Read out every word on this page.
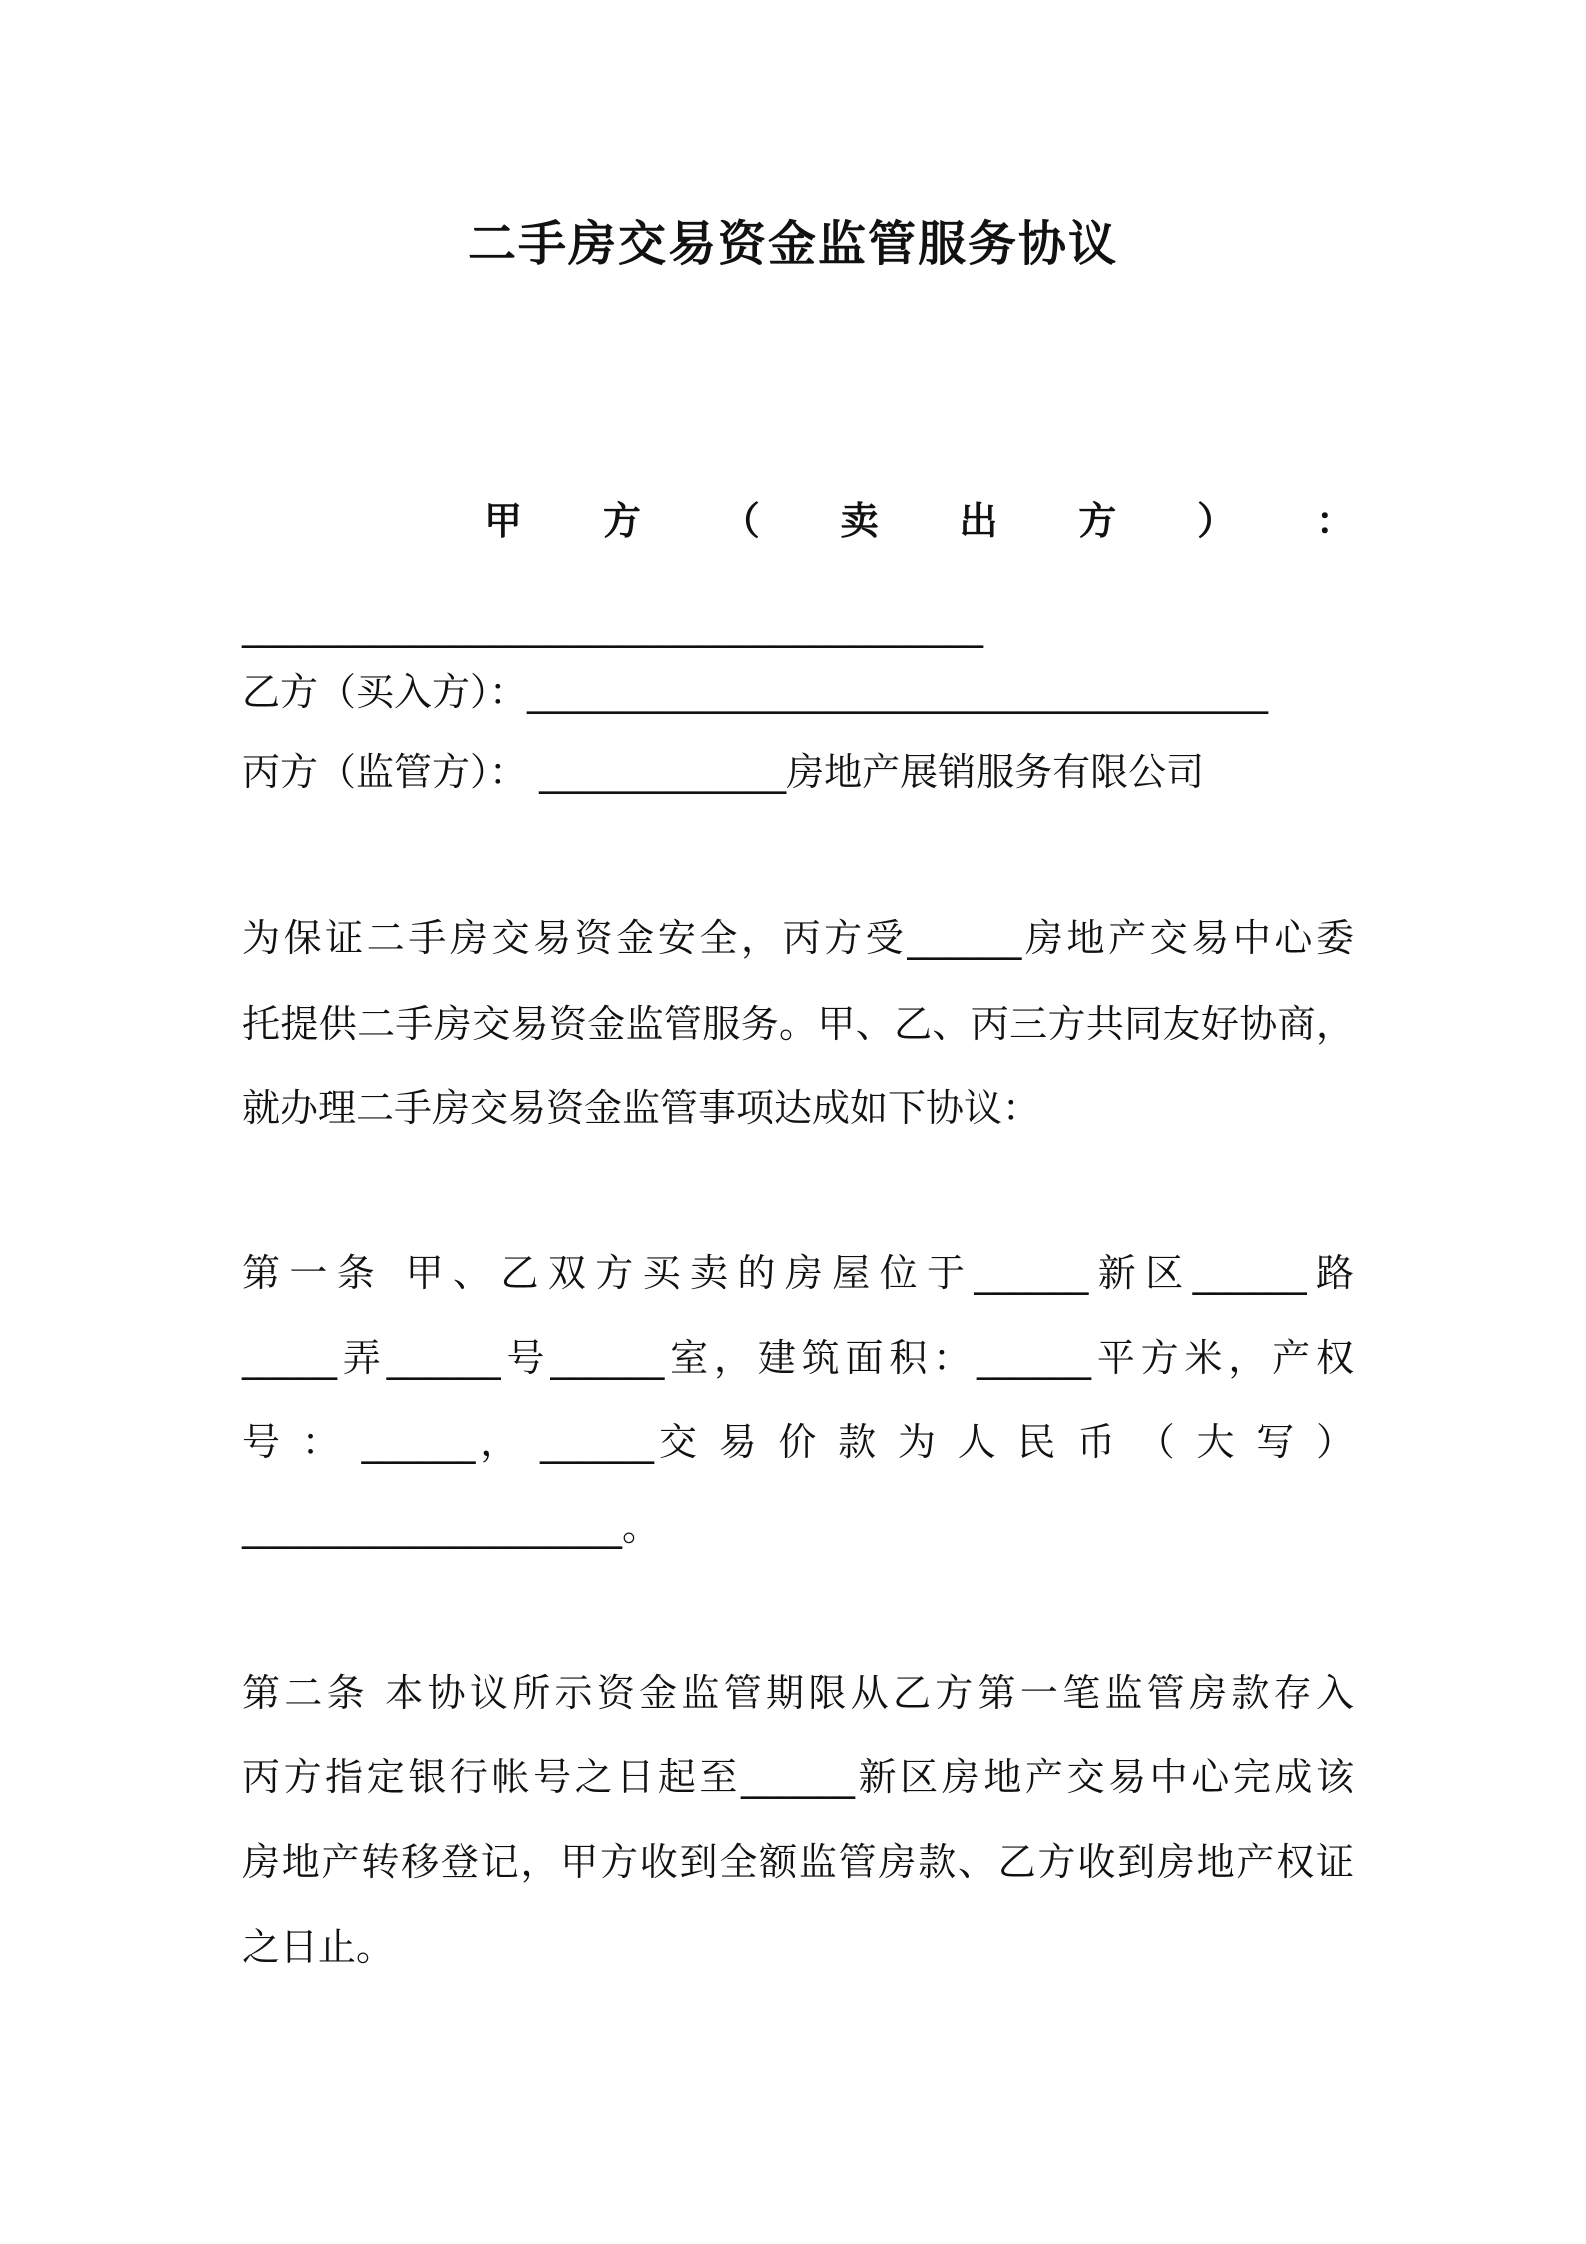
二手房交易资金监管服务协议
甲 方 （ 卖 出 方 ） ：
_______________________________________
乙方（买入方）：_______________________________________
丙方（监管方）： _____________房地产展销服务有限公司
为保证二手房交易资金安全，丙方受______房地产交易中心委
托提供二手房交易资金监管服务。甲、乙、丙三方共同友好协商，
就办理二手房交易资金监管事项达成如下协议：
第一条 甲、乙双方买卖的房屋位于______新区______路
_____弄______号______室，建筑面积：______平方米，产权
号 ： ______， ______交 易 价 款 为 人 民 币 （ 大 写 ）
____________________。
第二条 本协议所示资金监管期限从乙方第一笔监管房款存入
丙方指定银行帐号之日起至______新区房地产交易中心完成该
房地产转移登记，甲方收到全额监管房款、乙方收到房地产权证
之日止。
